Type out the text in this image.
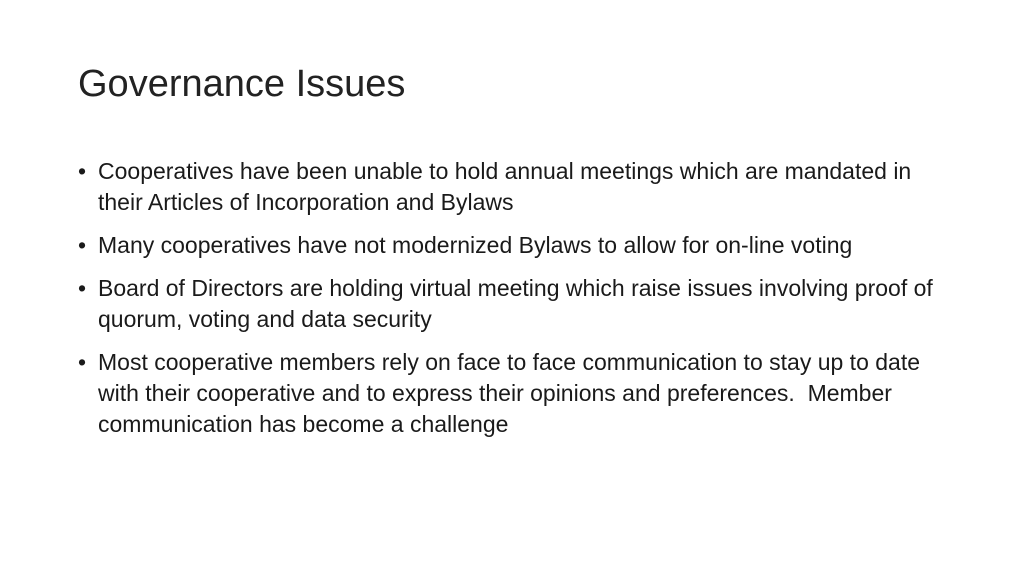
Governance Issues
• Cooperatives have been unable to hold annual meetings which are mandated in their Articles of Incorporation and Bylaws
• Many cooperatives have not modernized Bylaws to allow for on-line voting
• Board of Directors are holding virtual meeting which raise issues involving proof of quorum, voting and data security
• Most cooperative members rely on face to face communication to stay up to date with their cooperative and to express their opinions and preferences.  Member communication has become a challenge
